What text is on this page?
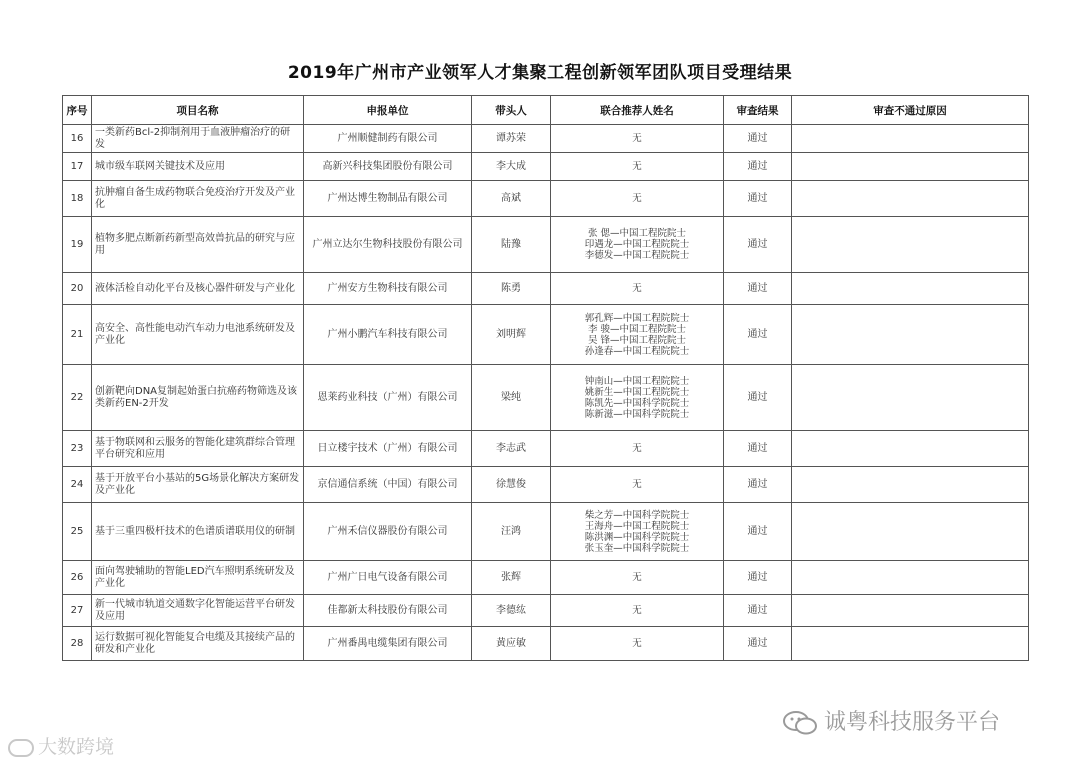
2019年广州市产业领军人才集聚工程创新领军团队项目受理结果
序号	项目名称	申报单位	带头人	联合推荐人姓名	审查结果	审查不通过原因
16	一类新药Bcl-2抑制剂用于血液肿瘤治疗的研发	广州顺健制药有限公司	谭苏荣	无	通过	
17	城市级车联网关键技术及应用	高新兴科技集团股份有限公司	李大成	无	通过	
18	抗肿瘤自备生成药物联合免疫治疗开发及产业化	广州达博生物制品有限公司	高斌	无	通过	
19	植物多肥点断新药新型高效兽抗品的研究与应用	广州立达尔生物科技股份有限公司	陆豫	张 偲—中国工程院院士
印遇龙—中国工程院院士
李德发—中国工程院院士	通过	
20	液体活检自动化平台及核心器件研发与产业化	广州安方生物科技有限公司	陈勇	无	通过	
21	高安全、高性能电动汽车动力电池系统研发及产业化	广州小鹏汽车科技有限公司	刘明辉	郭孔辉—中国工程院院士
李 骏—中国工程院院士
吴 锋—中国工程院院士
孙逢春—中国工程院院士	通过	
22	创新靶向DNA复制起始蛋白抗癌药物筛选及该类新药EN-2开发	恩莱药业科技（广州）有限公司	梁纯	钟南山—中国工程院院士
姚新生—中国工程院院士
陈凯先—中国科学院院士
陈新滋—中国科学院院士	通过	
23	基于物联网和云服务的智能化建筑群综合管理平台研究和应用	日立楼宇技术（广州）有限公司	李志武	无	通过	
24	基于开放平台小基站的5G场景化解决方案研发及产业化	京信通信系统（中国）有限公司	徐慧俊	无	通过	
25	基于三重四极杆技术的色谱质谱联用仪的研制	广州禾信仪器股份有限公司	汪鸿	柴之芳—中国科学院院士
王海舟—中国工程院院士
陈洪渊—中国科学院院士
张玉奎—中国科学院院士	通过	
26	面向驾驶辅助的智能LED汽车照明系统研发及产业化	广州广日电气设备有限公司	张辉	无	通过	
27	新一代城市轨道交通数字化智能运营平台研发及应用	佳都新太科技股份有限公司	李德纮	无	通过	
28	运行数据可视化智能复合电缆及其接续产品的研发和产业化	广州番禺电缆集团有限公司	黄应敏	无	通过	
大数跨境
诚粤科技服务平台
